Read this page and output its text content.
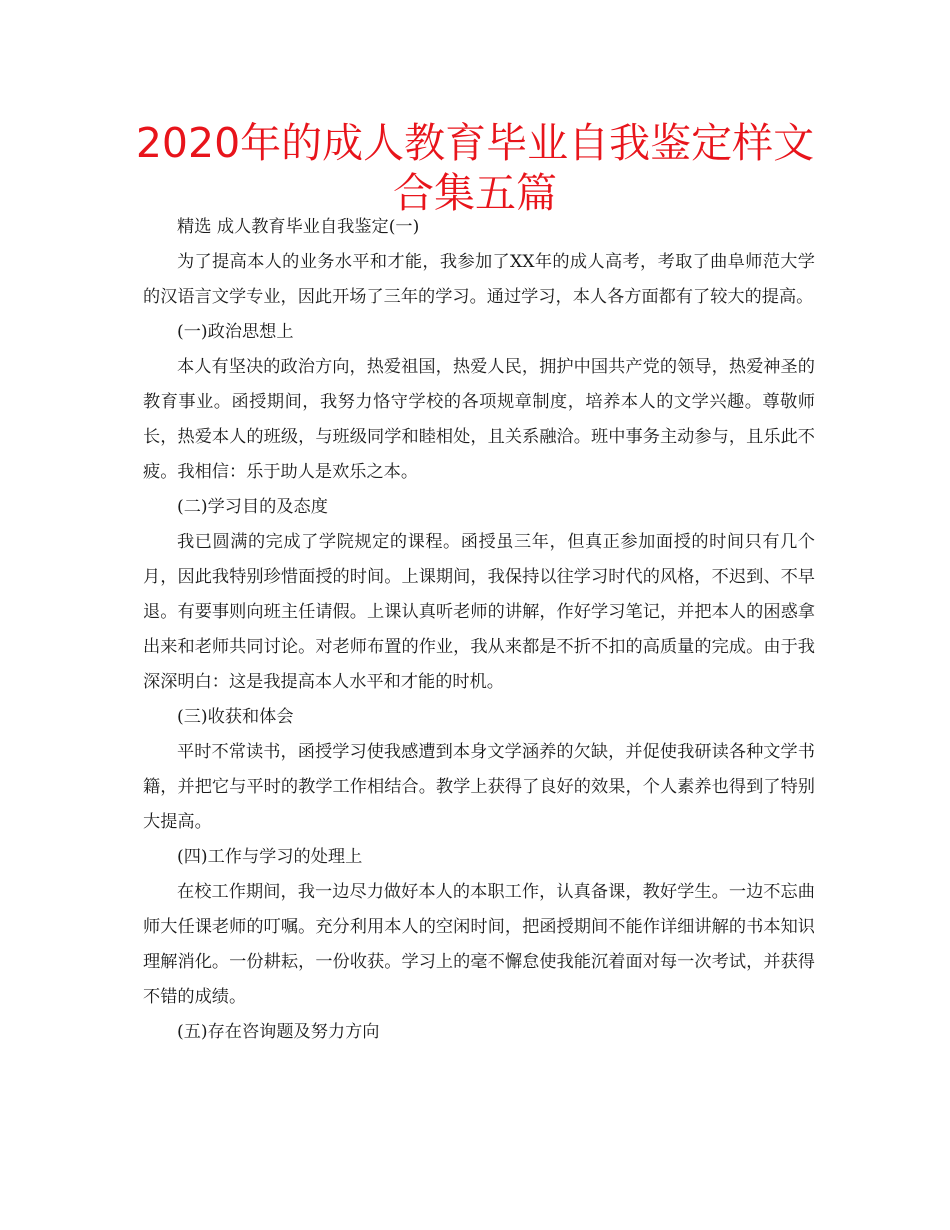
2020年的成人教育毕业自我鉴定样文合集五篇

精选 成人教育毕业自我鉴定(一)

为了提高本人的业务水平和才能，我参加了XX年的成人高考，考取了曲阜师范大学的汉语言文学专业，因此开场了三年的学习。通过学习，本人各方面都有了较大的提高。

(一)政治思想上

本人有坚决的政治方向，热爱祖国，热爱人民，拥护中国共产党的领导，热爱神圣的教育事业。函授期间，我努力恪守学校的各项规章制度，培养本人的文学兴趣。尊敬师长，热爱本人的班级，与班级同学和睦相处，且关系融洽。班中事务主动参与，且乐此不疲。我相信：乐于助人是欢乐之本。

(二)学习目的及态度

我已圆满的完成了学院规定的课程。函授虽三年，但真正参加面授的时间只有几个月，因此我特别珍惜面授的时间。上课期间，我保持以往学习时代的风格，不迟到、不早退。有要事则向班主任请假。上课认真听老师的讲解，作好学习笔记，并把本人的困惑拿出来和老师共同讨论。对老师布置的作业，我从来都是不折不扣的高质量的完成。由于我深深明白：这是我提高本人水平和才能的时机。

(三)收获和体会

平时不常读书，函授学习使我感遭到本身文学涵养的欠缺，并促使我研读各种文学书籍，并把它与平时的教学工作相结合。教学上获得了良好的效果，个人素养也得到了特别大提高。

(四)工作与学习的处理上

在校工作期间，我一边尽力做好本人的本职工作，认真备课，教好学生。一边不忘曲师大任课老师的叮嘱。充分利用本人的空闲时间，把函授期间不能作详细讲解的书本知识理解消化。一份耕耘，一份收获。学习上的毫不懈怠使我能沉着面对每一次考试，并获得不错的成绩。

(五)存在咨询题及努力方向
